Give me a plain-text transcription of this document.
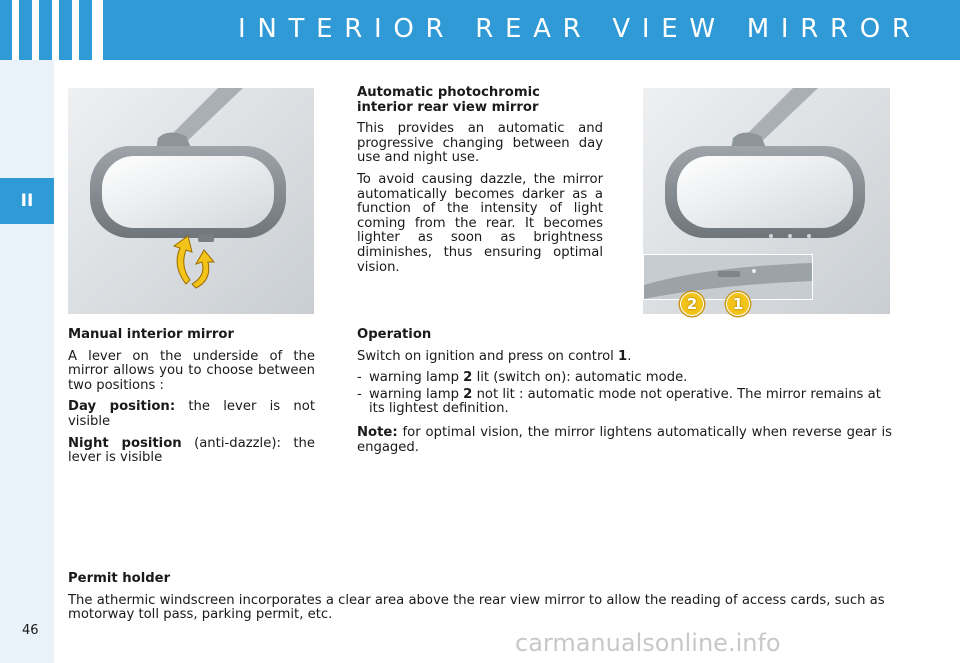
INTERIOR REAR VIEW MIRROR
II
2	1

Automatic photochromic interior rear view mirror

This provides an automatic and progressive changing between day use and night use.

To avoid causing dazzle, the mirror automatically becomes darker as a function of the intensity of light coming from the rear. It becomes lighter as soon as brightness diminishes, thus ensuring optimal vision.

Manual interior mirror

A lever on the underside of the mirror allows you to choose between two positions :

Day position: the lever is not visible

Night position (anti-dazzle): the lever is visible

Operation

Switch on ignition and press on control 1.

- warning lamp 2 lit (switch on): automatic mode.
- warning lamp 2 not lit : automatic mode not operative. The mirror remains at its lightest definition.

Note: for optimal vision, the mirror lightens automatically when reverse gear is engaged.

Permit holder

The athermic windscreen incorporates a clear area above the rear view mirror to allow the reading of access cards, such as motorway toll pass, parking permit, etc.

46	carmanualsonline.info
